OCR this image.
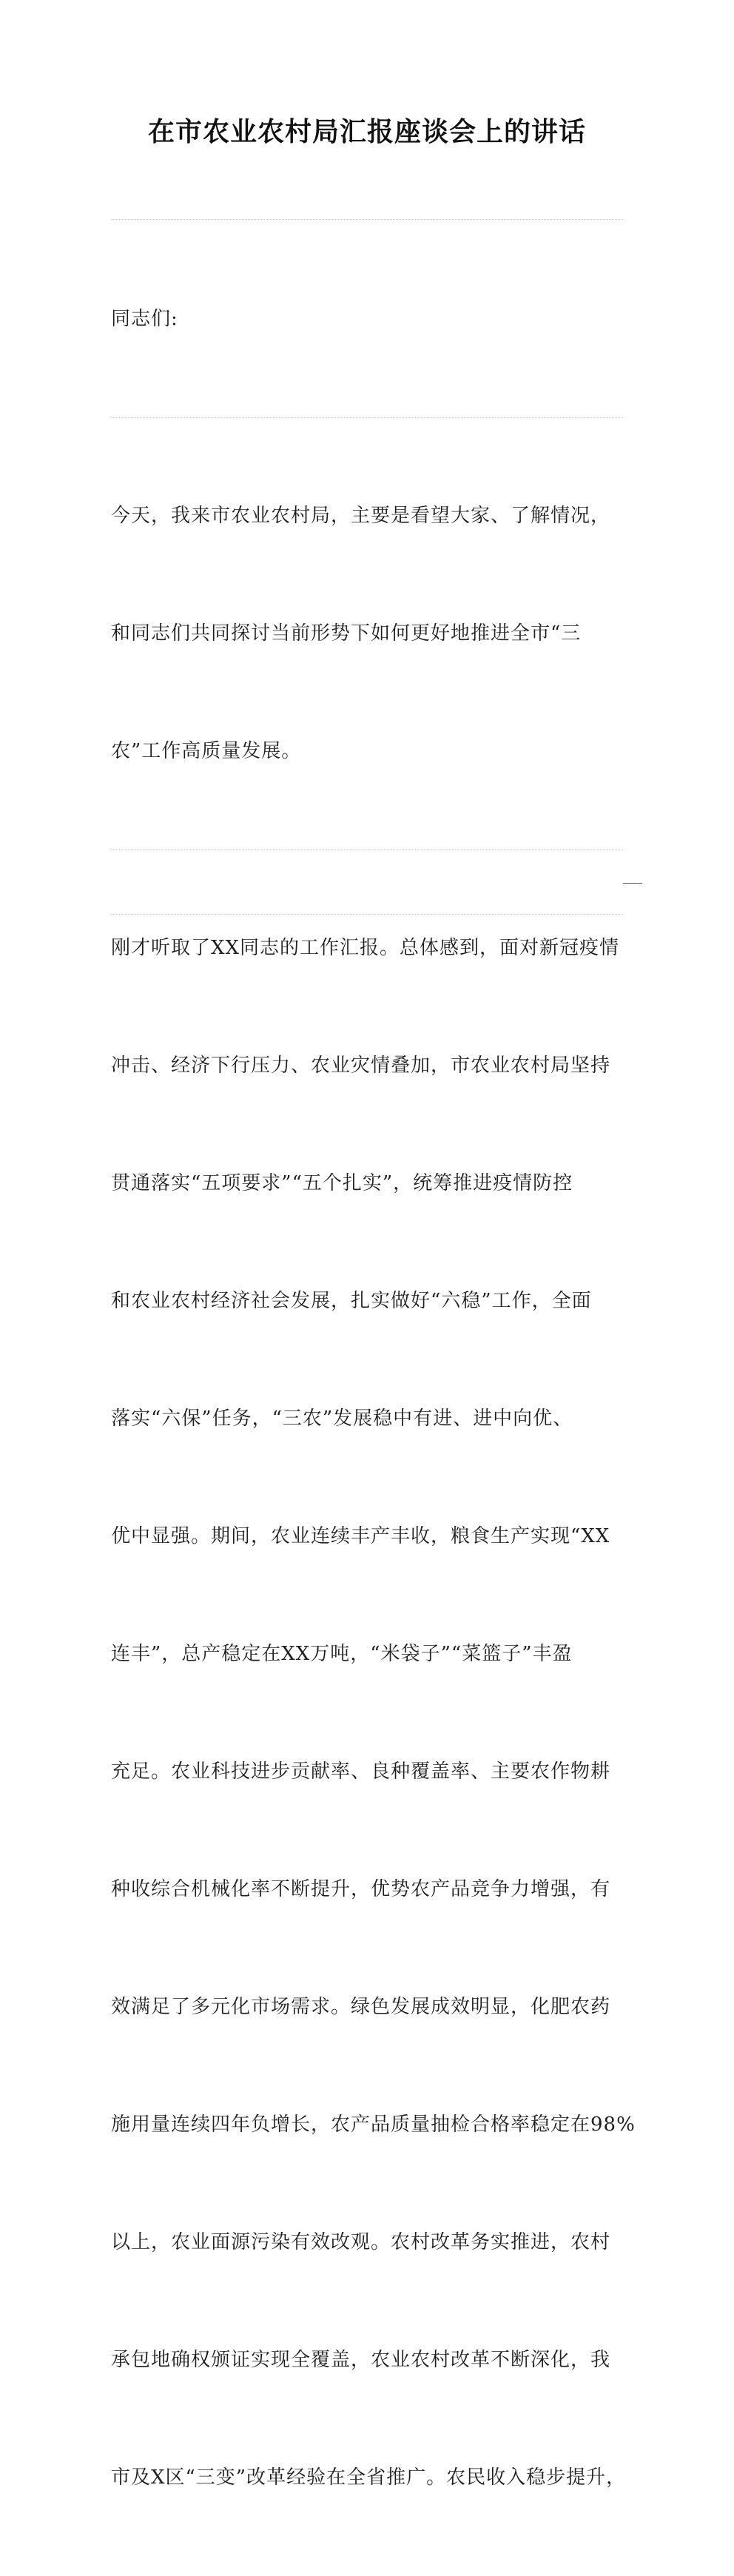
在市农业农村局汇报座谈会上的讲话

同志们:

今天，我来市农业农村局，主要是看望大家、了解情况，

和同志们共同探讨当前形势下如何更好地推进全市“三

农”工作高质量发展。

刚才听取了XX同志的工作汇报。总体感到，面对新冠疫情

冲击、经济下行压力、农业灾情叠加，市农业农村局坚持

贯通落实“五项要求”“五个扎实”，统筹推进疫情防控

和农业农村经济社会发展，扎实做好“六稳”工作，全面

落实“六保”任务，“三农”发展稳中有进、进中向优、

优中显强。期间，农业连续丰产丰收，粮食生产实现“XX

连丰”，总产稳定在XX万吨，“米袋子”“菜篮子”丰盈

充足。农业科技进步贡献率、良种覆盖率、主要农作物耕

种收综合机械化率不断提升，优势农产品竞争力增强，有

效满足了多元化市场需求。绿色发展成效明显，化肥农药

施用量连续四年负增长，农产品质量抽检合格率稳定在98%

以上，农业面源污染有效改观。农村改革务实推进，农村

承包地确权颁证实现全覆盖，农业农村改革不断深化，我

市及X区“三变”改革经验在全省推广。农民收入稳步提升，
